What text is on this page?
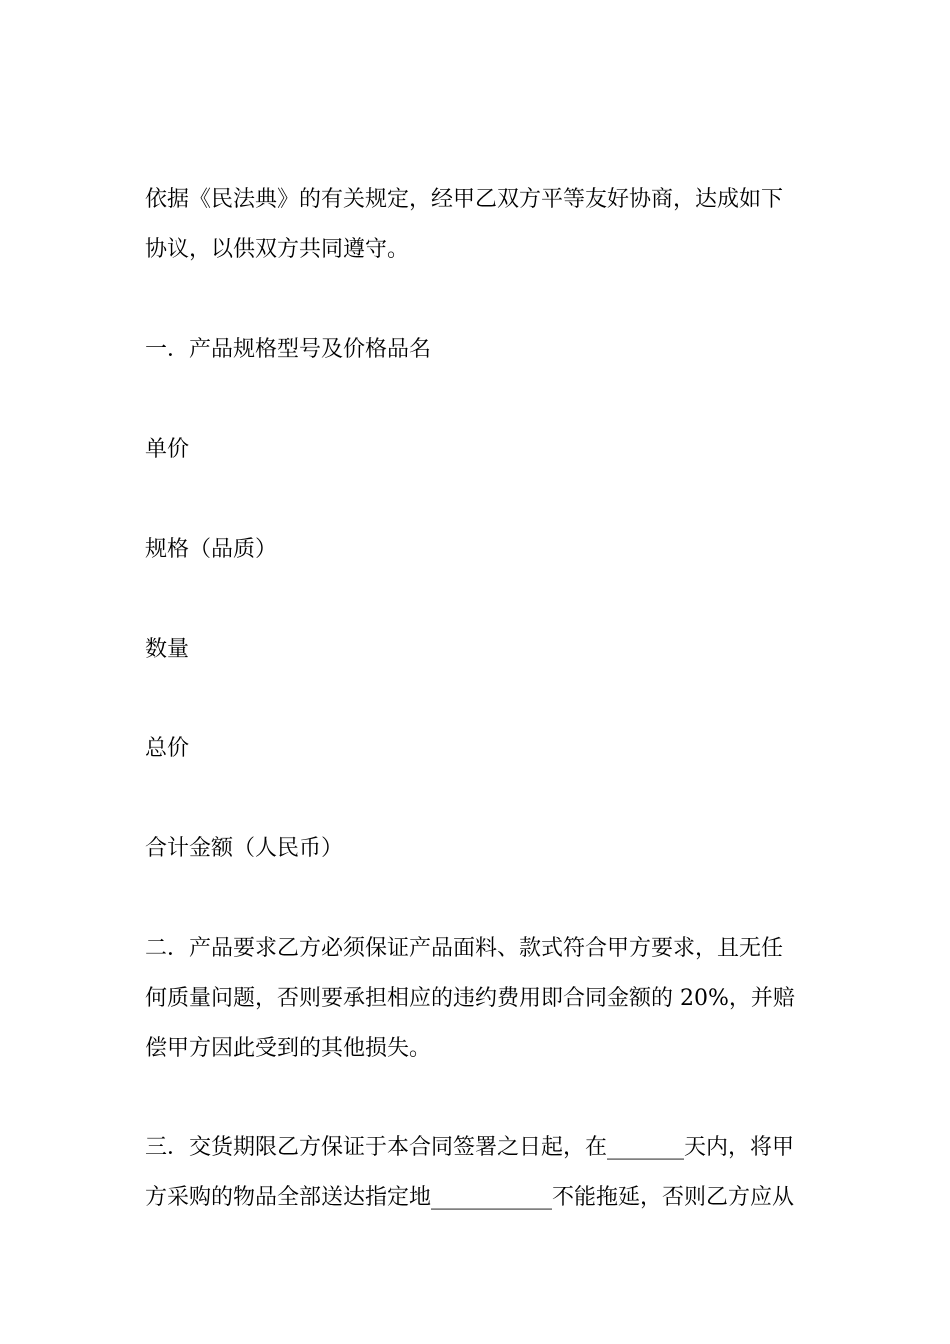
依据《民法典》的有关规定，经甲乙双方平等友好协商，达成如下
协议，以供双方共同遵守。

一．产品规格型号及价格品名

单价

规格（品质）

数量

总价

合计金额（人民币）

二．产品要求乙方必须保证产品面料、款式符合甲方要求，且无任
何质量问题，否则要承担相应的违约费用即合同金额的 20%，并赔
偿甲方因此受到的其他损失。

三．交货期限乙方保证于本合同签署之日起，在_______天内，将甲
方采购的物品全部送达指定地___________不能拖延，否则乙方应从
